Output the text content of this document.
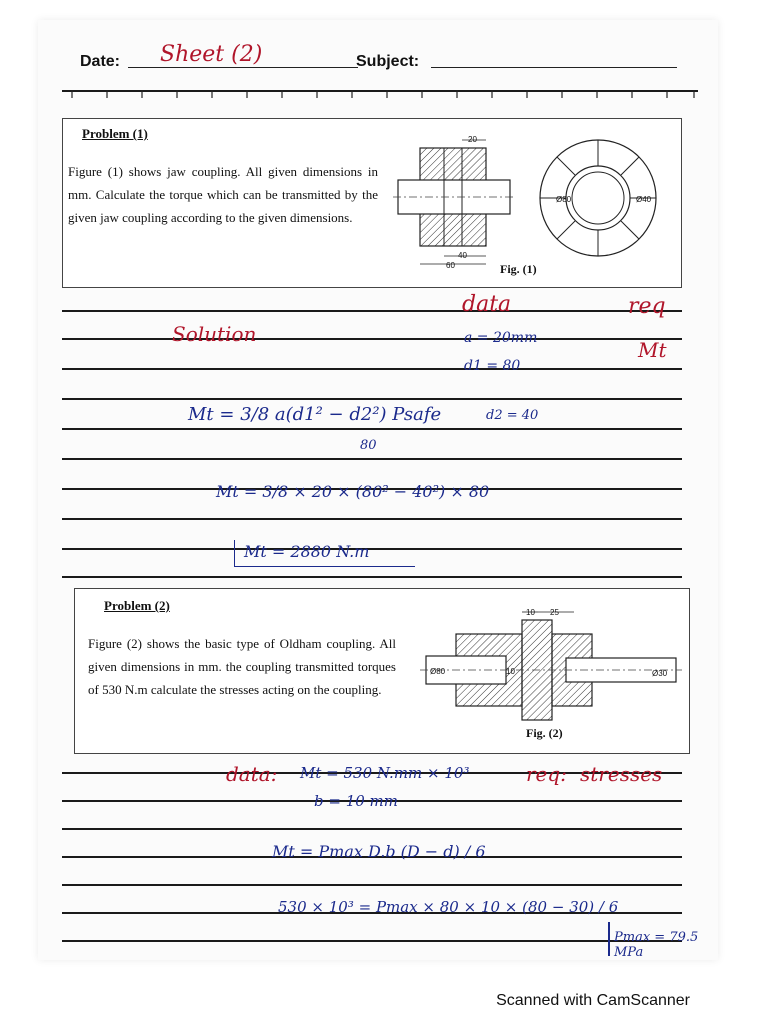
Date: Sheet (2)	Subject:
Problem (1)
Figure (1) shows jaw coupling. All given dimensions in mm. Calculate the torque which can be transmitted by the given jaw coupling according to the given dimensions.
20
40
60
Ø80	Ø40
Fig. (1)
data	req
Mt
Solution	a = 20mm
d1 = 80
Mt = 3/8 a(d1² − d2²) Psafe	d2 = 40
80
Mt = 3/8 × 20 × (80² − 40²) × 80
Mt = 2880 N.m
Problem (2)
Figure (2) shows the basic type of Oldham coupling. All given dimensions in mm. the coupling transmitted torques of 530 N.m calculate the stresses acting on the coupling.
10 25
Ø80	10	Ø30
Fig. (2)
data: Mt = 530 N.mm × 10³	req: stresses
b = 10 mm
Mt = Pmax D.b (D − d) / 6
530 × 10³ = Pmax × 80 × 10 × (80 − 30) / 6
Pmax = 79.5 MPa
Scanned with CamScanner
